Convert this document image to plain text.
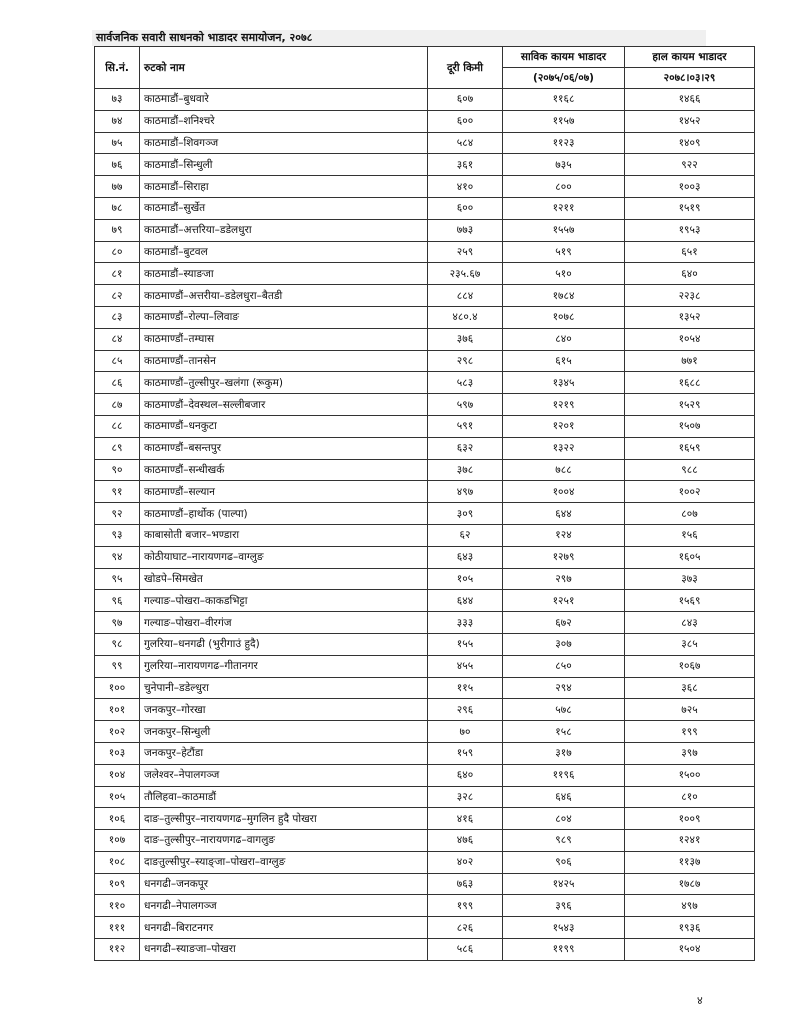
सार्वजनिक सवारी साधनको भाडादर समायोजन, २०७८
सि.नं.	रुटको नाम	दूरी किमी	साविक कायम भाडादर	हाल कायम भाडादर
			(२०७५/०६/०७)	२०७८।०३।२९
७३	काठमाडौं–बुधवारे	६०७	११६८	१४६६
७४	काठमाडौं–शनिश्चरे	६००	११५७	१४५२
७५	काठमाडौं–शिवगञ्ज	५८४	११२३	१४०९
७६	काठमाडौं–सिन्धुली	३६१	७३५	९२२
७७	काठमाडौं–सिराहा	४१०	८००	१००३
७८	काठमाडौं–सुर्खेत	६००	१२११	१५१९
७९	काठमाडौं–अत्तरिया–डडेलधुरा	७७३	१५५७	१९५३
८०	काठमाडौं–बुटवल	२५९	५१९	६५१
८१	काठमाडौं–स्याङजा	२३५.६७	५१०	६४०
८२	काठमाण्डौं–अत्तरीया–डडेलधुरा–बैतडी	८८४	१७८४	२२३८
८३	काठमाण्डौं–रोल्पा–लिवाङ	४८०.४	१०७८	१३५२
८४	काठमाण्डौं–तम्घास	३७६	८४०	१०५४
८५	काठमाण्डौं–तानसेन	२९८	६१५	७७१
८६	काठमाण्डौं–तुल्सीपुर–खलंगा (रूकुम)	५८३	१३४५	१६८८
८७	काठमाण्डौं–देवस्थल–सल्लीबजार	५९७	१२१९	१५२९
८८	काठमाण्डौं–धनकुटा	५९१	१२०१	१५०७
८९	काठमाण्डौं–बसन्तपुर	६३२	१३२२	१६५९
९०	काठमाण्डौं–सन्धीखर्क	३७८	७८८	९८८
९१	काठमाण्डौं–सल्यान	४९७	१००४	१००२
९२	काठमाण्डौं–हार्थोक (पाल्पा)	३०९	६४४	८०७
९३	काबासोती बजार–भण्डारा	६२	१२४	१५६
९४	कोठीयाघाट–नारायणगढ–वाग्लुङ	६४३	१२७९	१६०५
९५	खोडपे–सिमखेत	१०५	२९७	३७३
९६	गल्याङ–पोखरा–काकडभिट्टा	६४४	१२५१	१५६९
९७	गल्याङ–पोखरा–वीरगंज	३३३	६७२	८४३
९८	गुलरिया–धनगढी (भुरीगाउं हुदै)	१५५	३०७	३८५
९९	गुलरिया–नारायणगढ–गीतानगर	४५५	८५०	१०६७
१००	चुनेपानी–डडेल्धुरा	११५	२९४	३६८
१०१	जनकपुर–गोरखा	२९६	५७८	७२५
१०२	जनकपुर–सिन्धुली	७०	१५८	१९९
१०३	जनकपुर–हेटौंडा	१५९	३१७	३९७
१०४	जलेश्वर–नेपालगञ्ज	६४०	११९६	१५००
१०५	तौलिहवा–काठमाडौं	३२८	६४६	८१०
१०६	दाङ–तुल्सीपुर–नारायणगढ–मुगलिन हुदै पोखरा	४१६	८०४	१००९
१०७	दाङ–तुल्सीपुर–नारायणगढ–वागलुङ	४७६	९८९	१२४१
१०८	दाङतुल्सीपुर–स्याङ्जा–पोखरा–वाग्लुङ	४०२	९०६	११३७
१०९	धनगढी–जनकपूर	७६३	१४२५	१७८७
११०	धनगढी–नेपालगञ्ज	१९९	३९६	४९७
१११	धनगढी–बिराटनगर	८२६	१५४३	१९३६
११२	धनगढी–स्याङजा–पोखरा	५८६	११९९	१५०४
४
